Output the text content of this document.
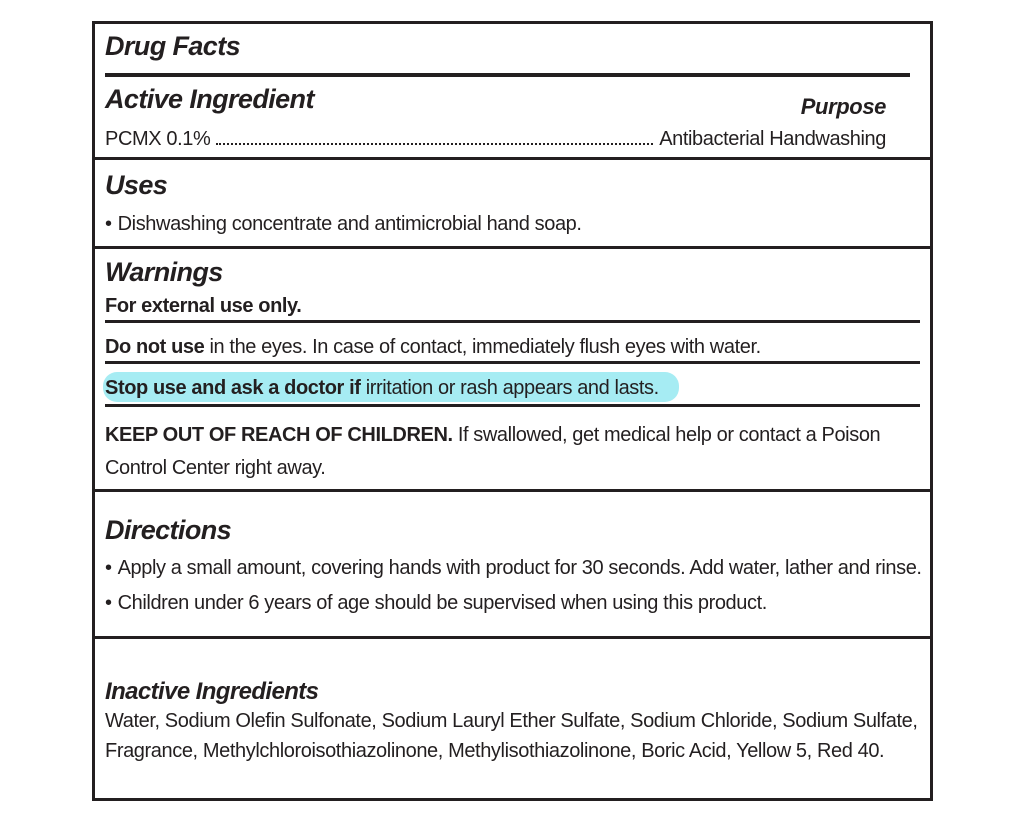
Drug Facts
Active Ingredient	Purpose
PCMX 0.1%	Antibacterial Handwashing
Uses
• Dishwashing concentrate and antimicrobial hand soap.
Warnings
For external use only.
Do not use in the eyes. In case of contact, immediately flush eyes with water.
Stop use and ask a doctor if irritation or rash appears and lasts.
KEEP OUT OF REACH OF CHILDREN. If swallowed, get medical help or contact a Poison Control Center right away.
Directions
• Apply a small amount, covering hands with product for 30 seconds. Add water, lather and rinse.
• Children under 6 years of age should be supervised when using this product.
Inactive Ingredients
Water, Sodium Olefin Sulfonate, Sodium Lauryl Ether Sulfate, Sodium Chloride, Sodium Sulfate, Fragrance, Methylchloroisothiazolinone, Methylisothiazolinone, Boric Acid, Yellow 5, Red 40.
